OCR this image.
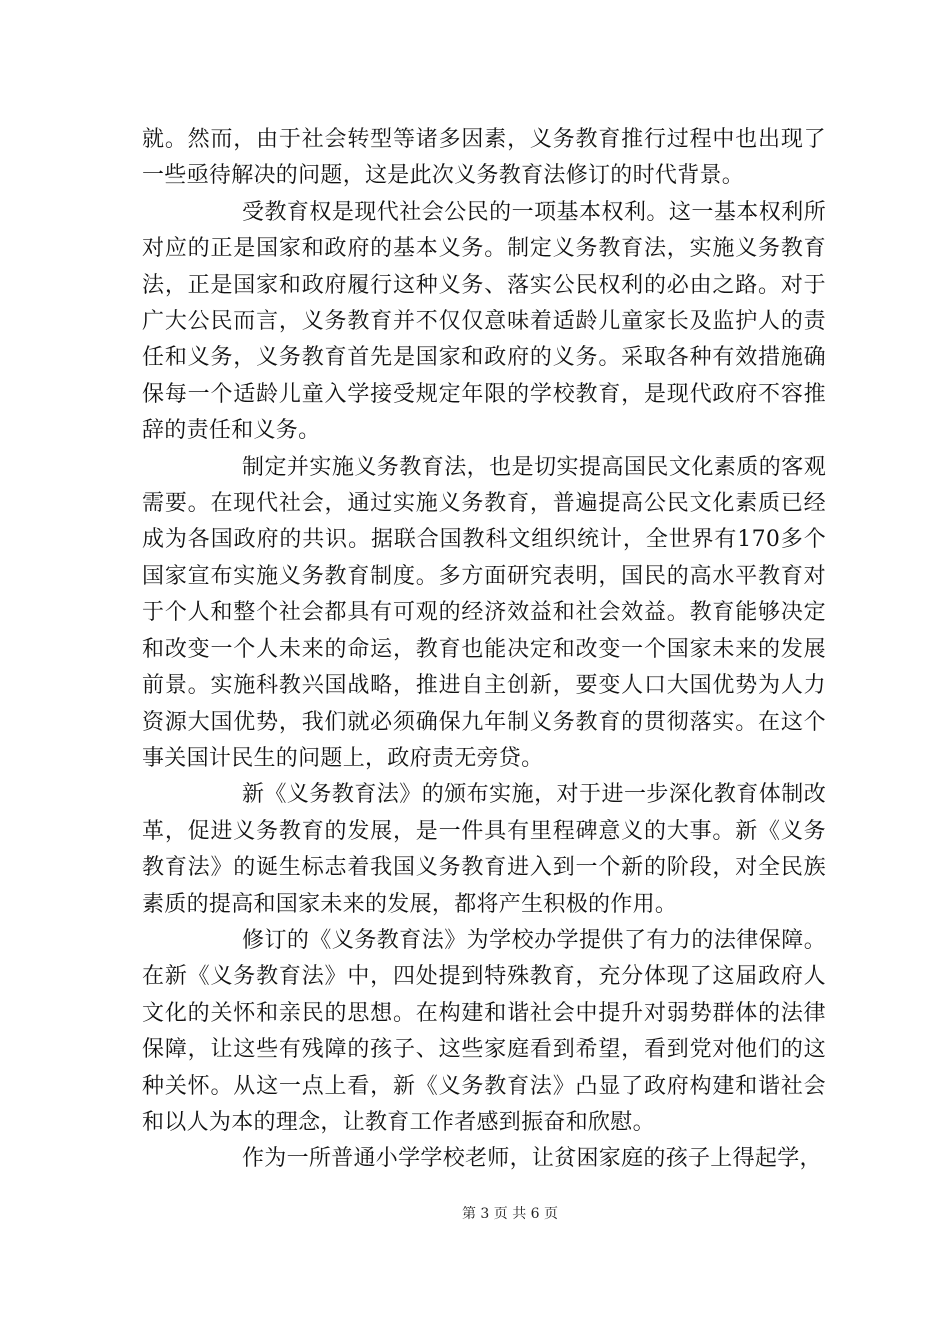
就。然而，由于社会转型等诸多因素，义务教育推行过程中也出现了一些亟待解决的问题，这是此次义务教育法修订的时代背景。

受教育权是现代社会公民的一项基本权利。这一基本权利所对应的正是国家和政府的基本义务。制定义务教育法，实施义务教育法，正是国家和政府履行这种义务、落实公民权利的必由之路。对于广大公民而言，义务教育并不仅仅意味着适龄儿童家长及监护人的责任和义务，义务教育首先是国家和政府的义务。采取各种有效措施确保每一个适龄儿童入学接受规定年限的学校教育，是现代政府不容推辞的责任和义务。

制定并实施义务教育法，也是切实提高国民文化素质的客观需要。在现代社会，通过实施义务教育，普遍提高公民文化素质已经成为各国政府的共识。据联合国教科文组织统计，全世界有170多个国家宣布实施义务教育制度。多方面研究表明，国民的高水平教育对于个人和整个社会都具有可观的经济效益和社会效益。教育能够决定和改变一个人未来的命运，教育也能决定和改变一个国家未来的发展前景。实施科教兴国战略，推进自主创新，要变人口大国优势为人力资源大国优势，我们就必须确保九年制义务教育的贯彻落实。在这个事关国计民生的问题上，政府责无旁贷。

新《义务教育法》的颁布实施，对于进一步深化教育体制改革，促进义务教育的发展，是一件具有里程碑意义的大事。新《义务教育法》的诞生标志着我国义务教育进入到一个新的阶段，对全民族素质的提高和国家未来的发展，都将产生积极的作用。

修订的《义务教育法》为学校办学提供了有力的法律保障。在新《义务教育法》中，四处提到特殊教育，充分体现了这届政府人文化的关怀和亲民的思想。在构建和谐社会中提升对弱势群体的法律保障，让这些有残障的孩子、这些家庭看到希望，看到党对他们的这种关怀。从这一点上看，新《义务教育法》凸显了政府构建和谐社会和以人为本的理念，让教育工作者感到振奋和欣慰。

作为一所普通小学学校老师，让贫困家庭的孩子上得起学，

第 3 页 共 6 页
